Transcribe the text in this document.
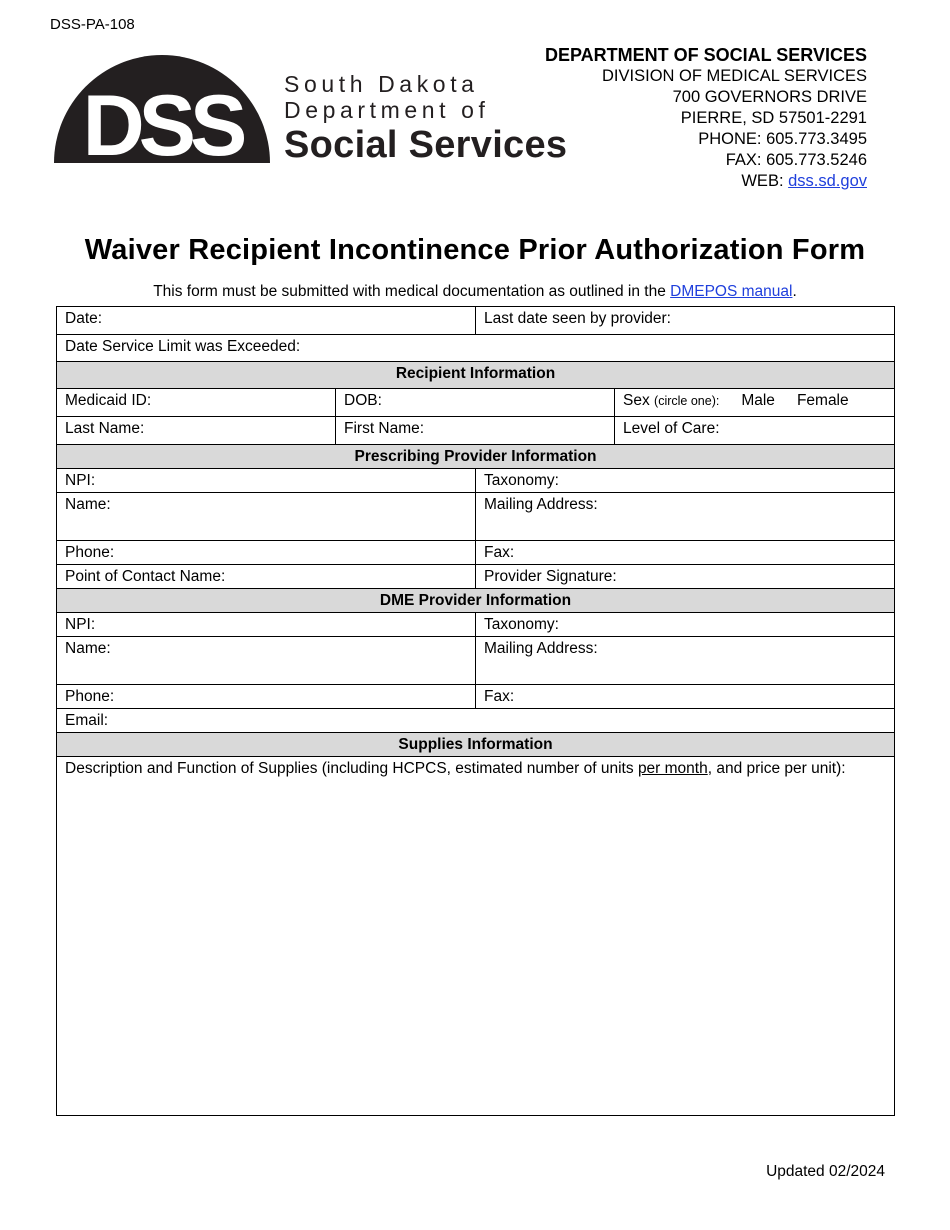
DSS-PA-108
DSS South Dakota
Department of
Social Services
DEPARTMENT OF SOCIAL SERVICES
DIVISION OF MEDICAL SERVICES
700 GOVERNORS DRIVE
PIERRE, SD 57501-2291
PHONE: 605.773.3495
FAX: 605.773.5246
WEB: dss.sd.gov
Waiver Recipient Incontinence Prior Authorization Form
This form must be submitted with medical documentation as outlined in the DMEPOS manual.
Date:		Last date seen by provider:	
Date Service Limit was Exceeded:			
Recipient Information			
Medicaid ID:	DOB:		Sex (circle one): Male Female
Last Name:	First Name:		Level of Care:
Prescribing Provider Information			
NPI:		Taxonomy:	
Name:		Mailing Address:	
Phone:		Fax:	
Point of Contact Name:		Provider Signature:	
DME Provider Information			
NPI:		Taxonomy:	
Name:		Mailing Address:	
Phone:		Fax:	
Email:			
Supplies Information			
Description and Function of Supplies (including HCPCS, estimated number of units per month, and price per unit):			
Updated 02/2024
